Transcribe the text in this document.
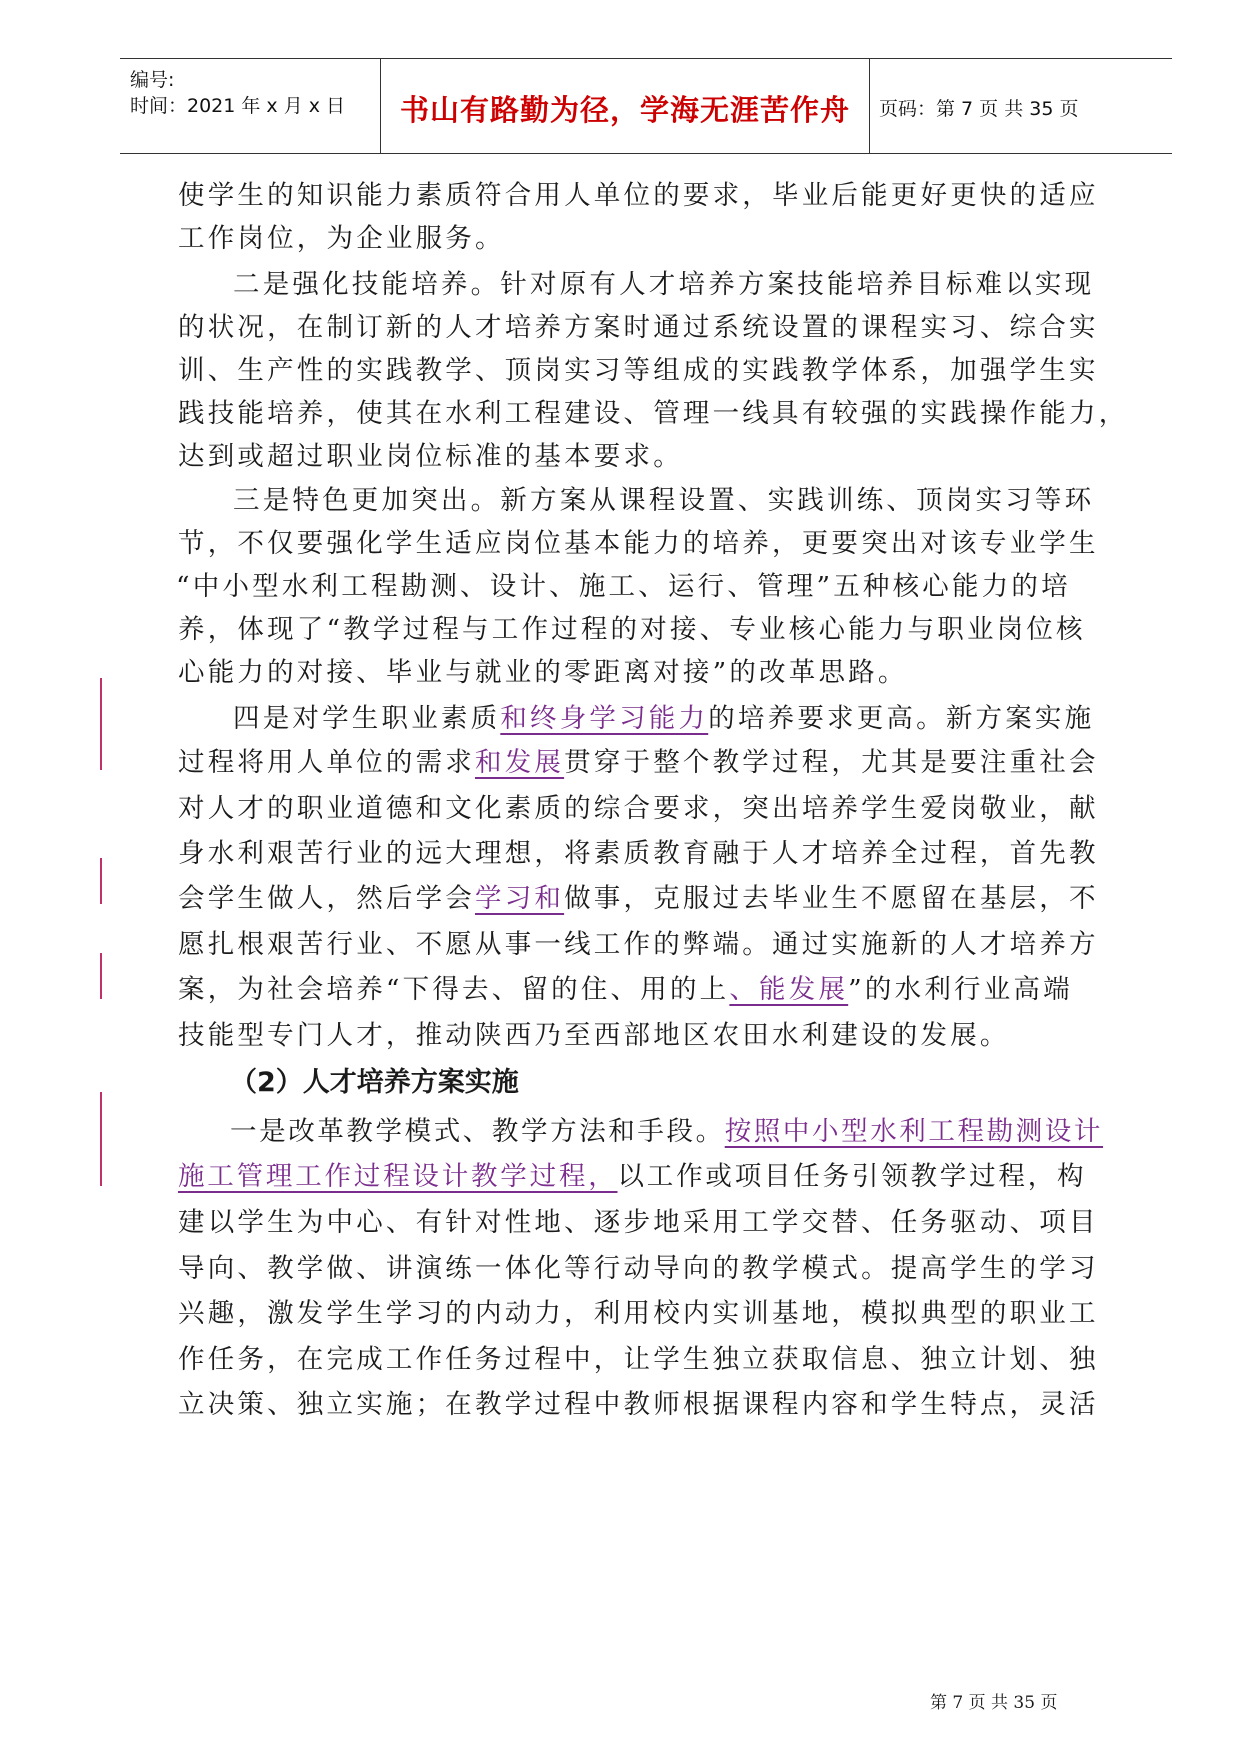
编号:
时间：2021 年 x 月 x 日	书山有路勤为径，学海无涯苦作舟	页码：第 7 页 共 35 页
使学生的知识能力素质符合用人单位的要求，毕业后能更好更快的适应
工作岗位，为企业服务。
二是强化技能培养。针对原有人才培养方案技能培养目标难以实现
的状况，在制订新的人才培养方案时通过系统设置的课程实习、综合实
训、生产性的实践教学、顶岗实习等组成的实践教学体系，加强学生实
践技能培养，使其在水利工程建设、管理一线具有较强的实践操作能力，
达到或超过职业岗位标准的基本要求。
三是特色更加突出。新方案从课程设置、实践训练、顶岗实习等环
节，不仅要强化学生适应岗位基本能力的培养，更要突出对该专业学生
“中小型水利工程勘测、设计、施工、运行、管理”五种核心能力的培
养，体现了“教学过程与工作过程的对接、专业核心能力与职业岗位核
心能力的对接、毕业与就业的零距离对接”的改革思路。
四是对学生职业素质和终身学习能力的培养要求更高。新方案实施
过程将用人单位的需求和发展贯穿于整个教学过程，尤其是要注重社会
对人才的职业道德和文化素质的综合要求，突出培养学生爱岗敬业，献
身水利艰苦行业的远大理想，将素质教育融于人才培养全过程，首先教
会学生做人，然后学会学习和做事，克服过去毕业生不愿留在基层，不
愿扎根艰苦行业、不愿从事一线工作的弊端。通过实施新的人才培养方
案，为社会培养“下得去、留的住、用的上、能发展”的水利行业高端
技能型专门人才，推动陕西乃至西部地区农田水利建设的发展。
（2）人才培养方案实施
一是改革教学模式、教学方法和手段。按照中小型水利工程勘测设计
施工管理工作过程设计教学过程，以工作或项目任务引领教学过程，构
建以学生为中心、有针对性地、逐步地采用工学交替、任务驱动、项目
导向、教学做、讲演练一体化等行动导向的教学模式。提高学生的学习
兴趣，激发学生学习的内动力，利用校内实训基地，模拟典型的职业工
作任务，在完成工作任务过程中，让学生独立获取信息、独立计划、独
立决策、独立实施；在教学过程中教师根据课程内容和学生特点，灵活
第 7 页 共 35 页
